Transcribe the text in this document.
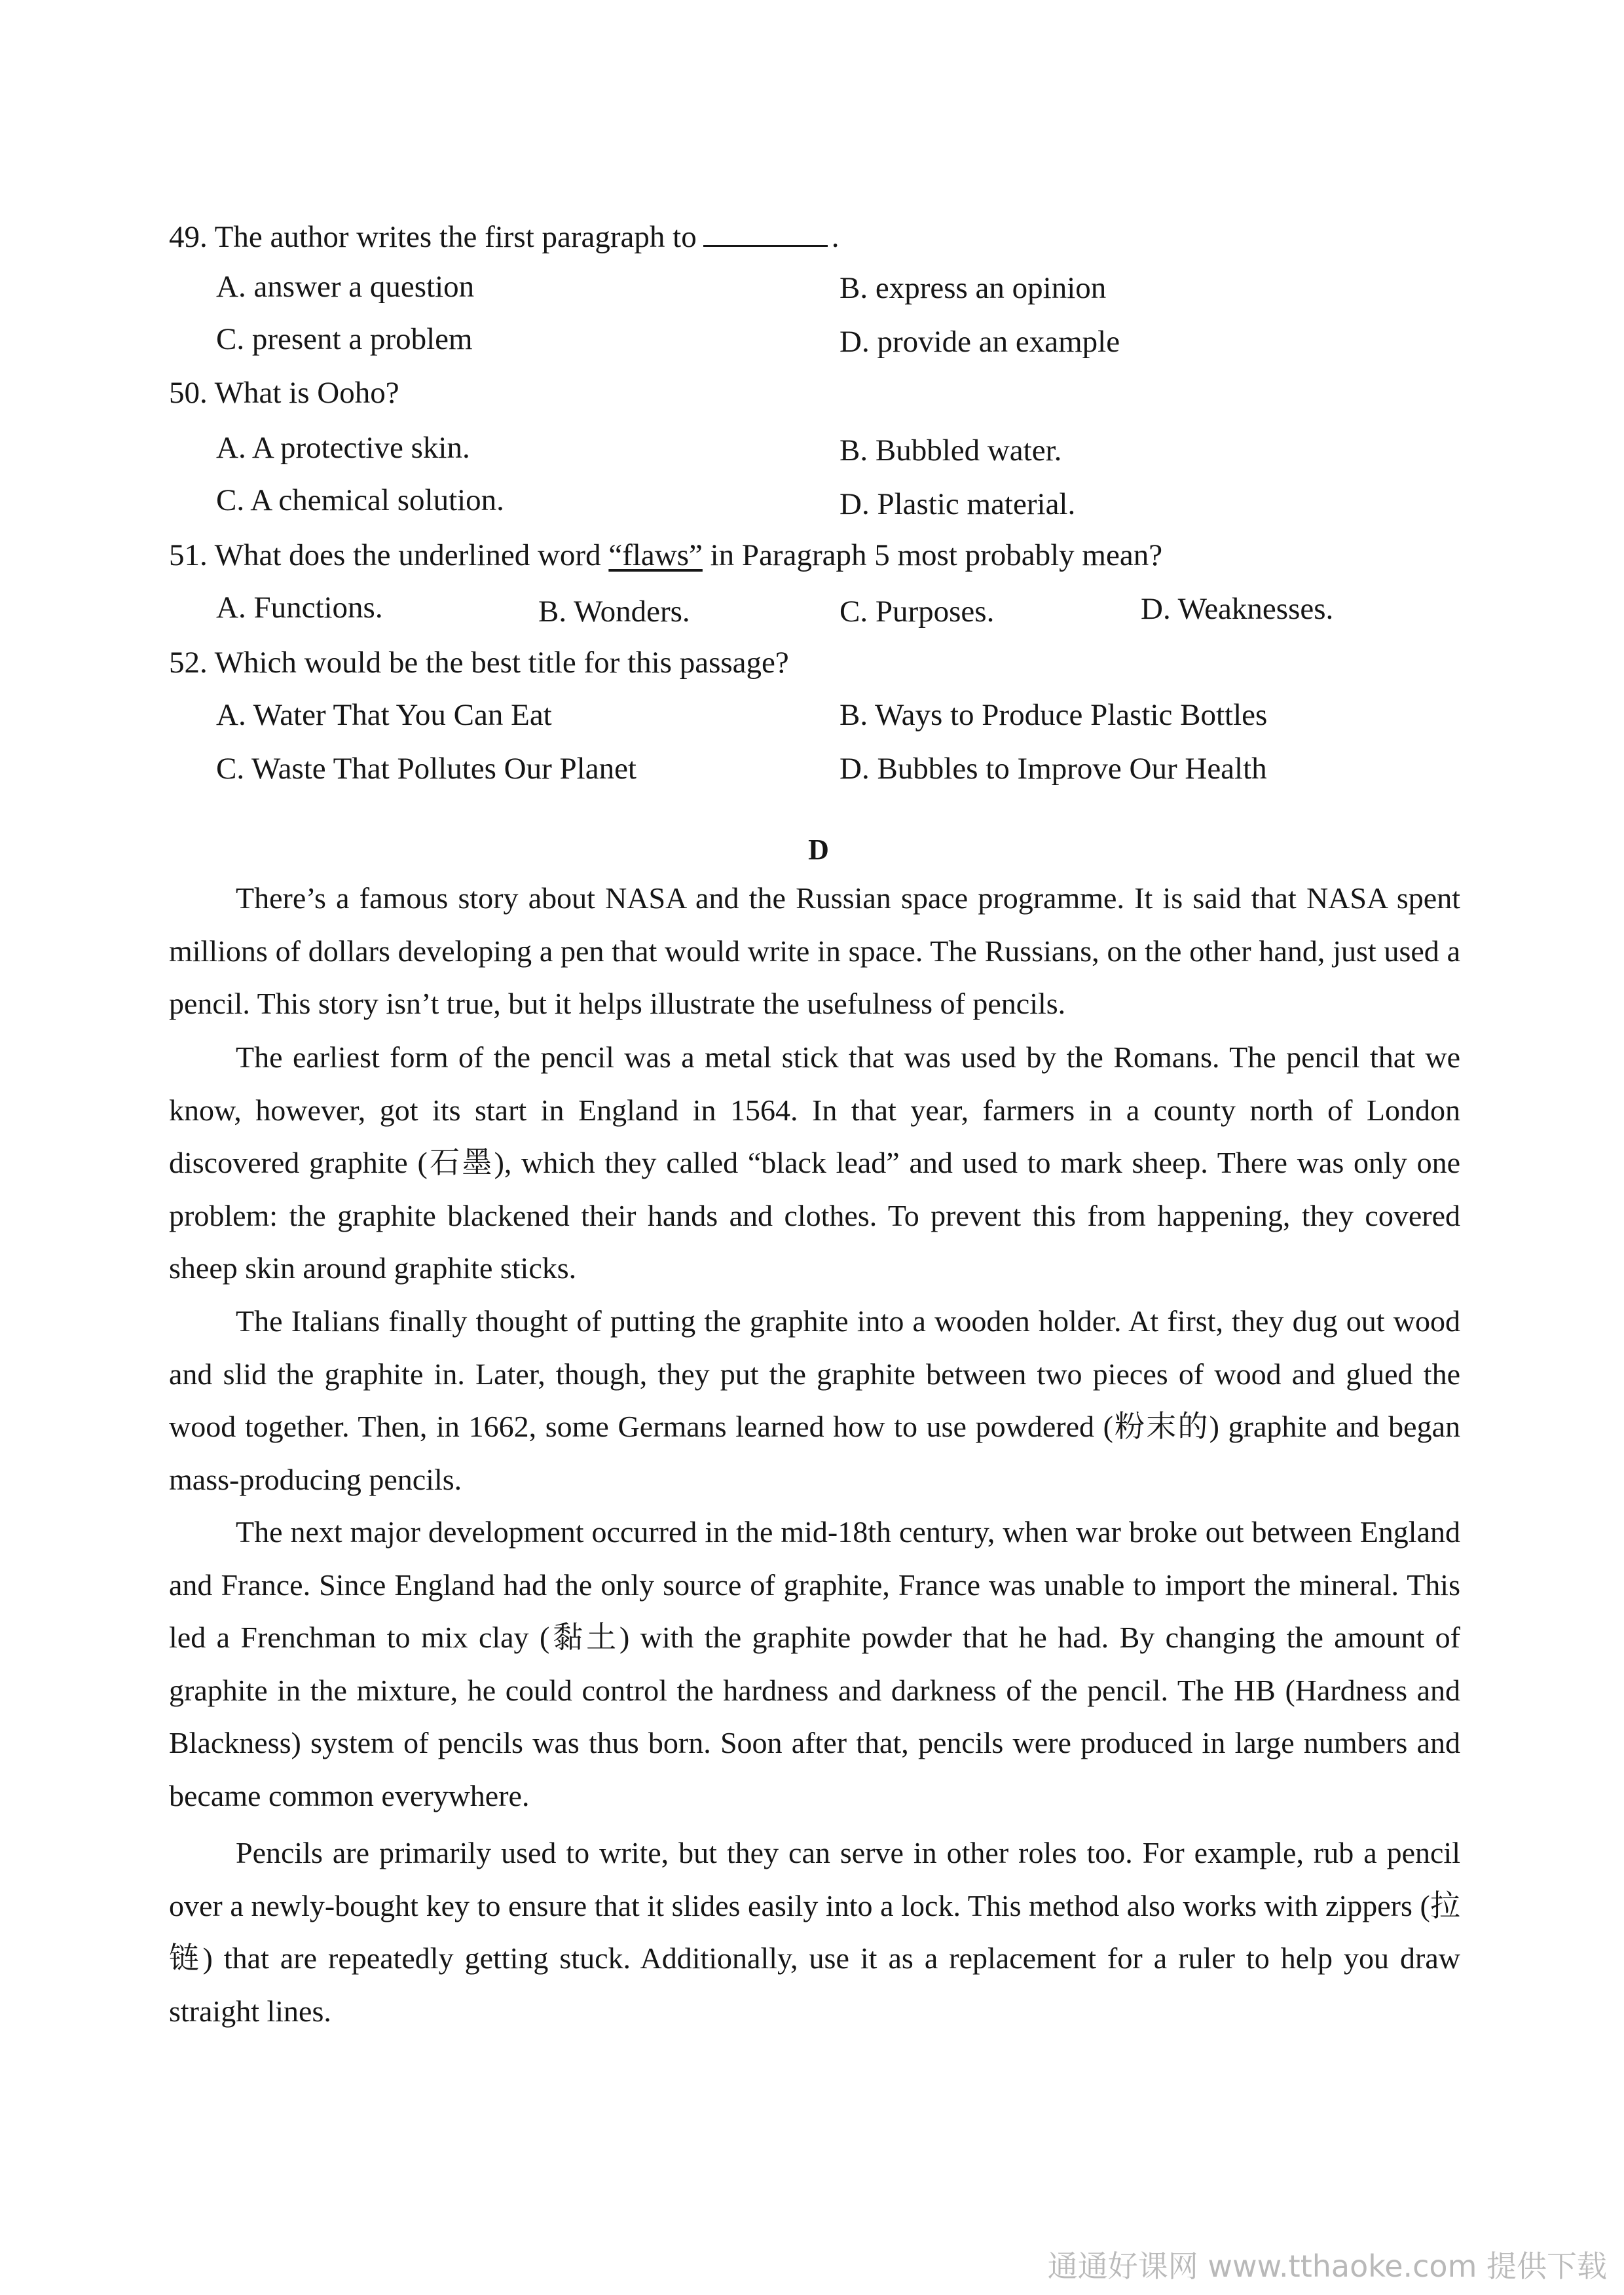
49. The author writes the first paragraph to	.
A. answer a question	B. express an opinion
C. present a problem	D. provide an example
50. What is Ooho?
A. A protective skin.	B. Bubbled water.
C. A chemical solution.	D. Plastic material.
51. What does the underlined word “flaws” in Paragraph 5 most probably mean?
A. Functions.	B. Wonders.	C. Purposes.	D. Weaknesses.
52. Which would be the best title for this passage?
A. Water That You Can Eat	B. Ways to Produce Plastic Bottles
C. Waste That Pollutes Our Planet	D. Bubbles to Improve Our Health
D

There’s a famous story about NASA and the Russian space programme. It is said that NASA spent millions of dollars developing a pen that would write in space. The Russians, on the other hand, just used a pencil. This story isn’t true, but it helps illustrate the usefulness of pencils.

The earliest form of the pencil was a metal stick that was used by the Romans. The pencil that we know, however, got its start in England in 1564. In that year, farmers in a county north of London discovered graphite (石墨), which they called “black lead” and used to mark sheep. There was only one problem: the graphite blackened their hands and clothes. To prevent this from happening, they covered sheep skin around graphite sticks.

The Italians finally thought of putting the graphite into a wooden holder. At first, they dug out wood and slid the graphite in. Later, though, they put the graphite between two pieces of wood and glued the wood together. Then, in 1662, some Germans learned how to use powdered (粉末的) graphite and began mass-producing pencils.

The next major development occurred in the mid-18th century, when war broke out between England and France. Since England had the only source of graphite, France was unable to import the mineral. This led a Frenchman to mix clay (黏土) with the graphite powder that he had. By changing the amount of graphite in the mixture, he could control the hardness and darkness of the pencil. The HB (Hardness and Blackness) system of pencils was thus born. Soon after that, pencils were produced in large numbers and became common everywhere.

Pencils are primarily used to write, but they can serve in other roles too. For example, rub a pencil over a newly-bought key to ensure that it slides easily into a lock. This method also works with zippers (拉链) that are repeatedly getting stuck. Additionally, use it as a replacement for a ruler to help you draw straight lines.

通通好课网 www.tthaoke.com 提供下载
